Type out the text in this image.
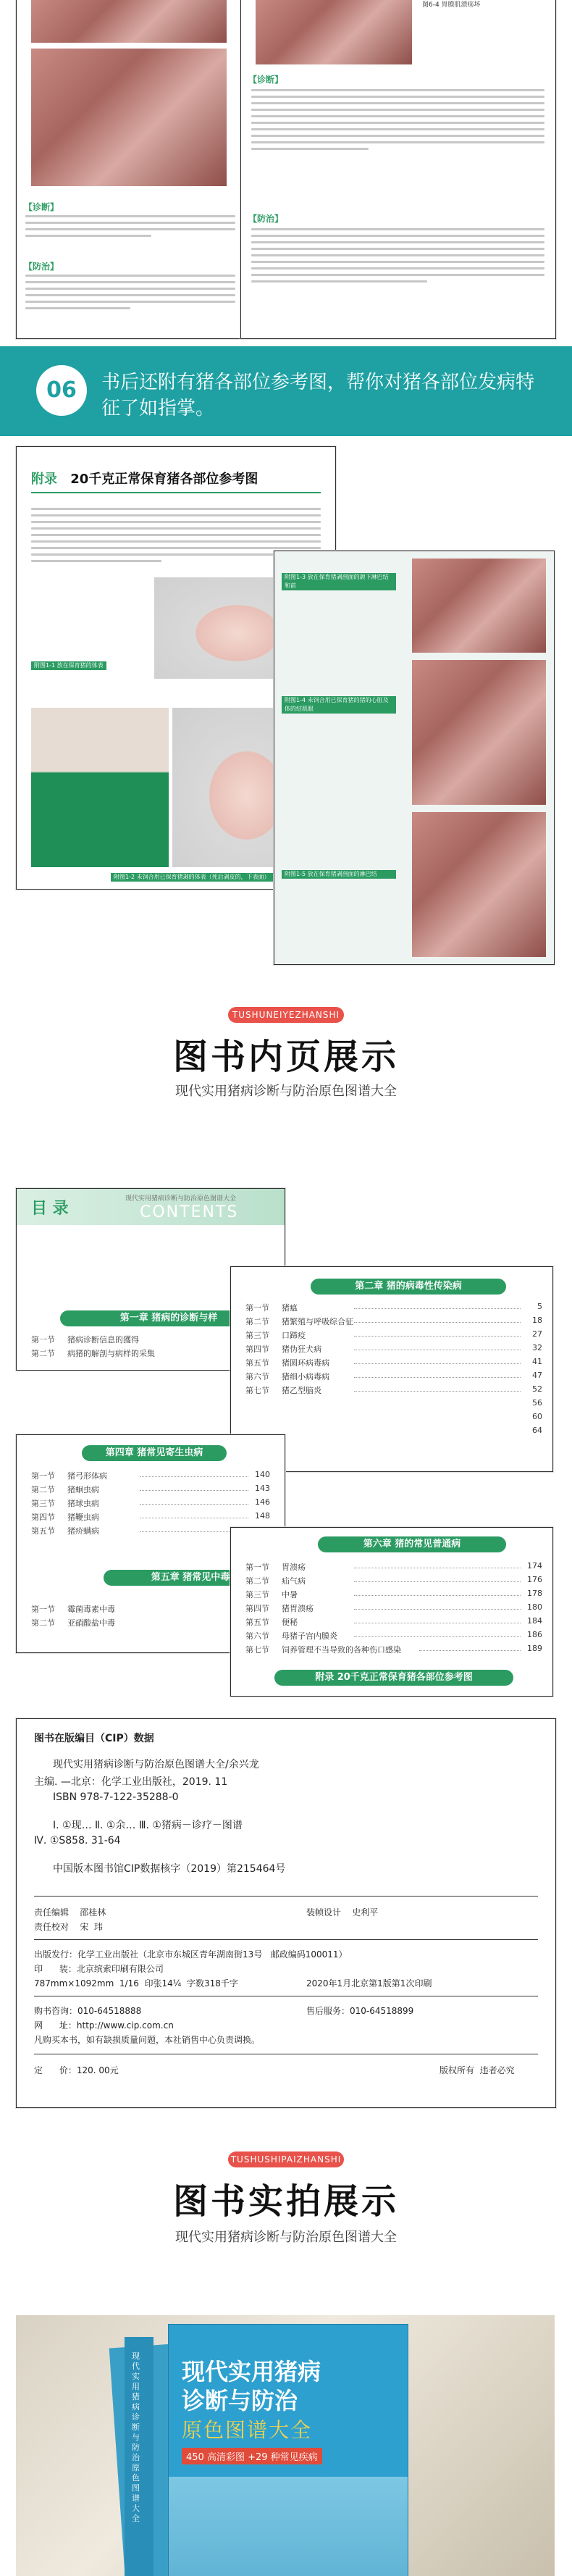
【诊断】
【防治】
图6-4 胃膜肌溃疡坏
【诊断】
【防治】
06	书后还附有猪各部位参考图，帮你对猪各部位发病特征了如指掌。
附录 20千克正常保育猪各部位参考图
附图1-1 放在保育猪的体表
附图1-2 未饲合用已保育猪剥的体表（死后剥皮的，下表面）
附图1-3 放在保育猪剥剖面的颌下淋巴结和前
附图1-4 未饲合用已保育猪的猪的心脏及体的结肌眼
附图1-5 放在保育猪剥剖面的淋巴结
TUSHUNEIYEZHANSHI
图书内页展示
现代实用猪病诊断与防治原色图谱大全
目 录
现代实用猪病诊断与防治原色图谱大全
CONTENTS
第一章 猪病的诊断与样
第一节 猪病诊断信息的獲得
第二节 病猪的解剖与病样的采集
第二章 猪的病毒性传染病
第一节 猪瘟	5
第二节 猪繁殖与呼吸综合征	18
第三节 口蹄疫	27
第四节 猪伪狂犬病	32
第五节 猪圆环病毒病	41
第六节 猪细小病毒病	47
第七节 猪乙型脑炎	52
56
60
64
第四章 猪常见寄生虫病
第一节 猪弓形体病	140
第二节 猪蛔虫病	143
第三节 猪球虫病	146
第四节 猪鞭虫病	148
第五节 猪疥螨病
第五章 猪常见中毒
第一节 霉菌毒素中毒
第二节 亚硝酸盐中毒
第六章 猪的常见普通病
第一节 胃溃疡	174
第二节 疝气病	176
第三节 中暑	178
第四节 猪胃溃疡	180
第五节 便秘	184
第六节 母猪子宫内膜炎	186
第七节 饲养管理不当导致的各种伤口感染	189
附录 20千克正常保育猪各部位参考图
图书在版编目（CIP）数据
现代实用猪病诊断与防治原色图谱大全/余兴龙
主编. —北京：化学工业出版社，2019. 11
ISBN 978-7-122-35288-0
Ⅰ. ①现… Ⅱ. ①余… Ⅲ. ①猪病－诊疗－图谱
Ⅳ. ①S858. 31-64
中国版本图书馆CIP数据核字（2019）第215464号
责任编辑    邵桂林	装帧设计    史利平
责任校对    宋  玮
出版发行：化学工业出版社（北京市东城区青年湖南街13号   邮政编码100011）
印      装：北京缤索印刷有限公司
787mm×1092mm  1/16  印张14¼  字数318千字	2020年1月北京第1版第1次印刷
购书咨询：010-64518888	售后服务：010-64518899
网      址：http://www.cip.com.cn
凡购买本书，如有缺损质量问题，本社销售中心负责调换。
定      价：120. 00元	版权所有  违者必究
TUSHUSHIPAIZHANSHI
图书实拍展示
现代实用猪病诊断与防治原色图谱大全
现代实用猪病诊断与防治原色图谱大全
现代实用猪病
诊断与防治
原色图谱大全
450 高清彩图 +29 种常见疾病
